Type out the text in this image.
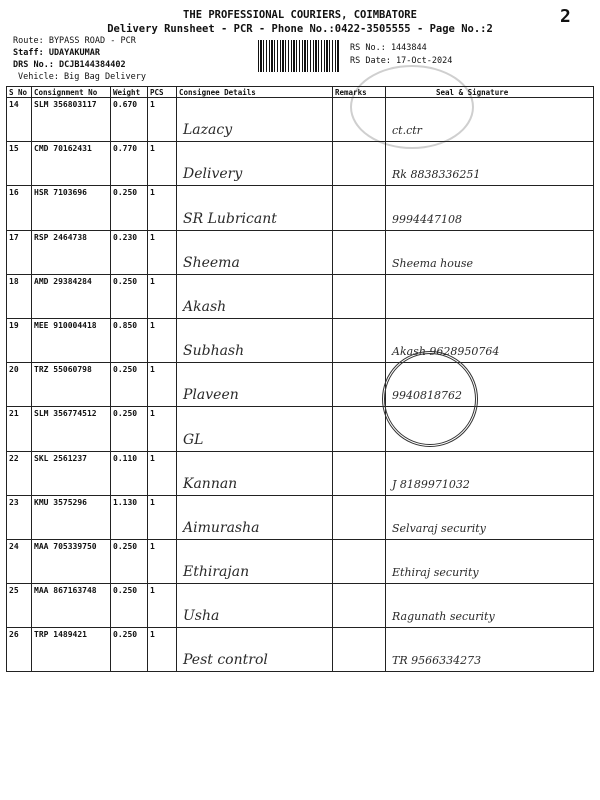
THE PROFESSIONAL COURIERS, COIMBATORE
Delivery Runsheet - PCR - Phone No.:0422-3505555 - Page No.:2
2
Route: BYPASS ROAD - PCR
Staff: UDAYAKUMAR
DRS No.: DCJB144384402
Vehicle: Big Bag Delivery
RS No.: 1443844
RS Date: 17-Oct-2024
S No	Consignment No	Weight	PCS	Consignee Details	Remarks	Seal & Signature
14	SLM 356803117	0.670	1	Lazacy		ct.ctr
15	CMD 70162431	0.770	1	Delivery		Rk 8838336251
16	HSR 7103696	0.250	1	SR Lubricant		9994447108
17	RSP 2464738	0.230	1	Sheema		Sheema house
18	AMD 29384284	0.250	1	Akash		
19	MEE 910004418	0.850	1	Subhash		Akash 9628950764
20	TRZ 55060798	0.250	1	Plaveen		9940818762
21	SLM 356774512	0.250	1	GL		
22	SKL 2561237	0.110	1	Kannan		J 8189971032
23	KMU 3575296	1.130	1	Aimurasha		Selvaraj security
24	MAA 705339750	0.250	1	Ethirajan		Ethiraj security
25	MAA 867163748	0.250	1	Usha		Ragunath security
26	TRP 1489421	0.250	1	Pest control		TR 9566334273
